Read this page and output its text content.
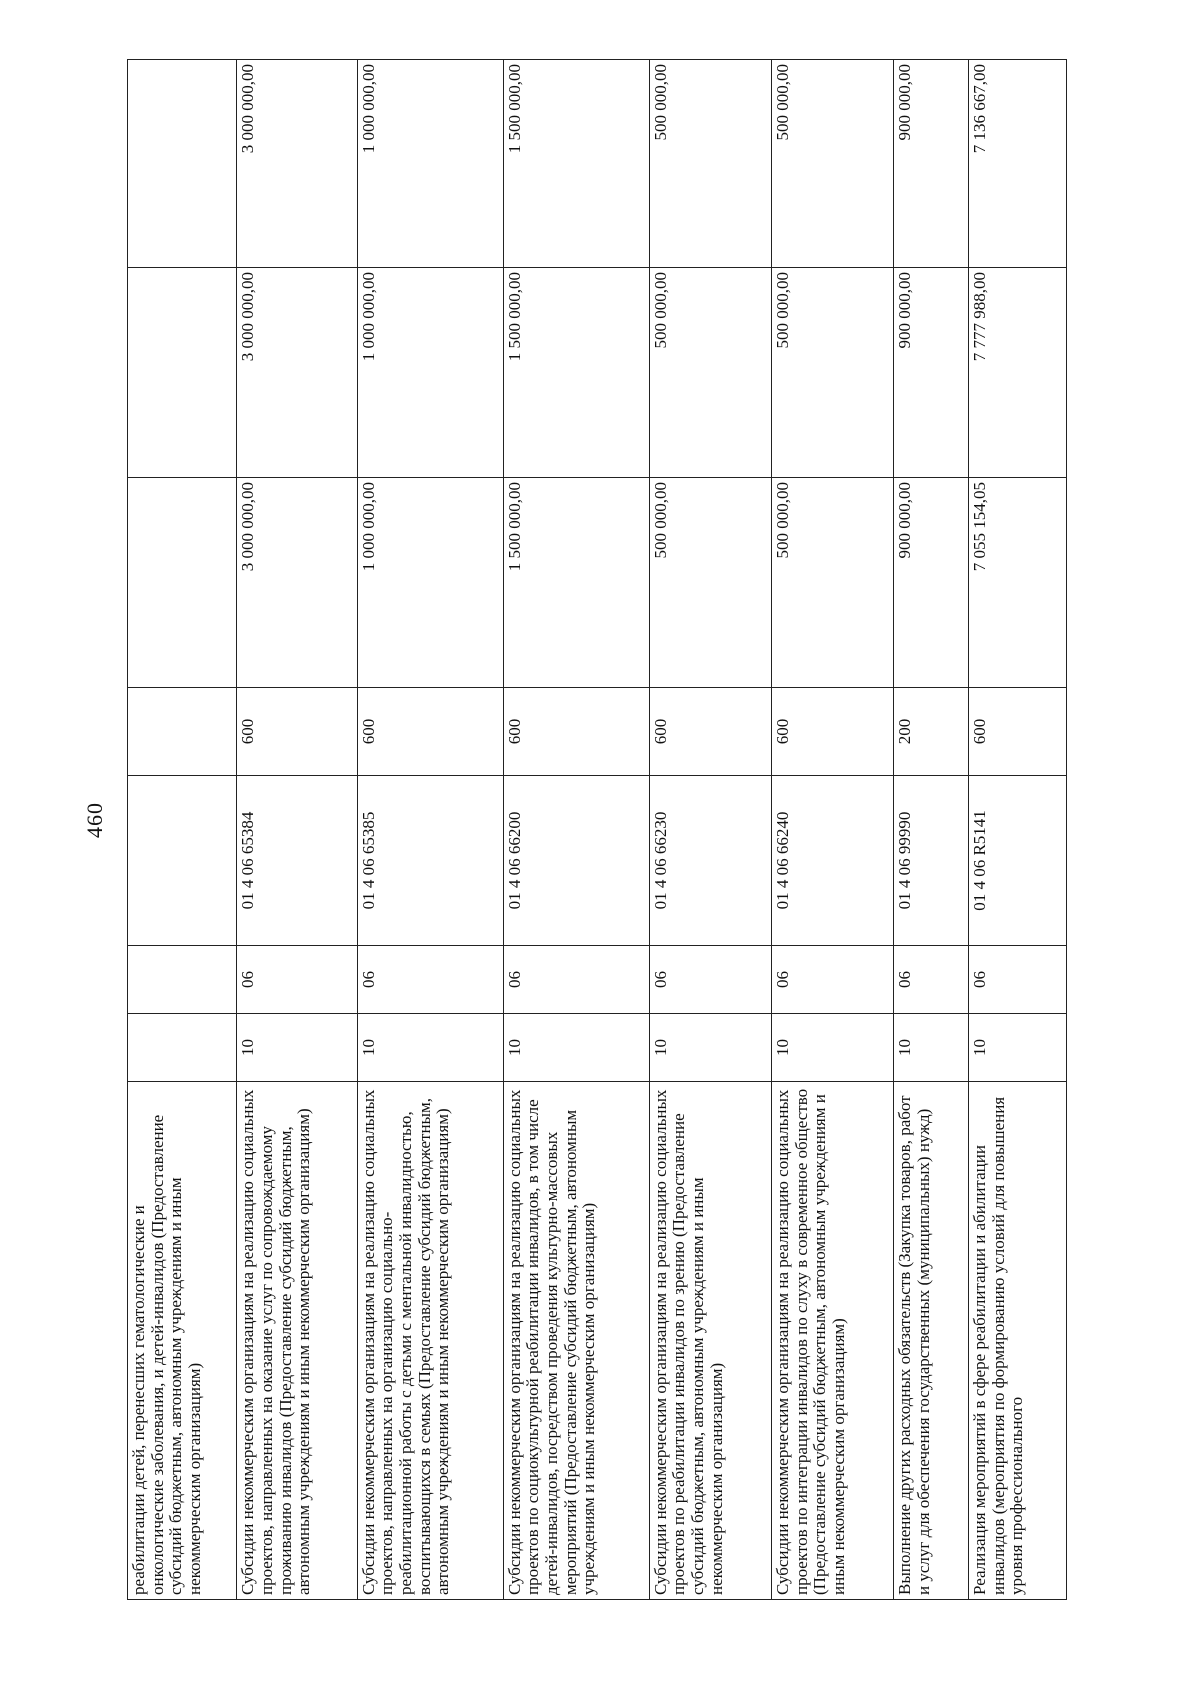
460
реабилитации детей, перенесших гематологические и онкологические заболевания, и детей-инвалидов (Предоставление субсидий бюджетным, автономным учреждениям и иным некоммерческим организациям)							
Субсидии некоммерческим организациям на реализацию социальных проектов, направленных на оказание услуг по сопровождаемому проживанию инвалидов (Предоставление субсидий бюджетным, автономным учреждениям и иным некоммерческим организациям)	10	06	01 4 06 65384	600	3 000 000,00	3 000 000,00	3 000 000,00
Субсидии некоммерческим организациям на реализацию социальных проектов, направленных на организацию социально-реабилитационной работы с детьми с ментальной инвалидностью, воспитывающихся в семьях (Предоставление субсидий бюджетным, автономным учреждениям и иным некоммерческим организациям)	10	06	01 4 06 65385	600	1 000 000,00	1 000 000,00	1 000 000,00
Субсидии некоммерческим организациям на реализацию социальных проектов по социокультурной реабилитации инвалидов, в том числе детей-инвалидов, посредством проведения культурно-массовых мероприятий (Предоставление субсидий бюджетным, автономным учреждениям и иным некоммерческим организациям)	10	06	01 4 06 66200	600	1 500 000,00	1 500 000,00	1 500 000,00
Субсидии некоммерческим организациям на реализацию социальных проектов по реабилитации инвалидов по зрению (Предоставление субсидий бюджетным, автономным учреждениям и иным некоммерческим организациям)	10	06	01 4 06 66230	600	500 000,00	500 000,00	500 000,00
Субсидии некоммерческим организациям на реализацию социальных проектов по интеграции инвалидов по слуху в современное общество (Предоставление субсидий бюджетным, автономным учреждениям и иным некоммерческим организациям)	10	06	01 4 06 66240	600	500 000,00	500 000,00	500 000,00
Выполнение других расходных обязательств (Закупка товаров, работ и услуг для обеспечения государственных (муниципальных) нужд)	10	06	01 4 06 99990	200	900 000,00	900 000,00	900 000,00
Реализация мероприятий в сфере реабилитации и абилитации инвалидов (мероприятия по формированию условий для повышения уровня профессионального	10	06	01 4 06 R5141	600	7 055 154,05	7 777 988,00	7 136 667,00
